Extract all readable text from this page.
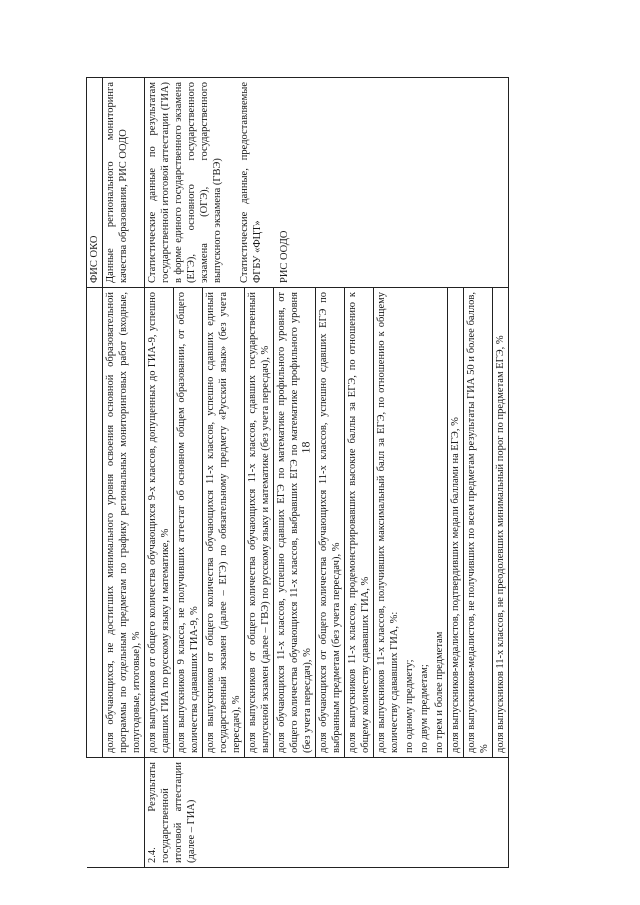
18
		ФИС ОКО
	доля обучающихся, не достигших минимального уровня освоения основной образовательной программы по отдельным предметам по графику региональных мониторинговых работ (входные, полугодовые, итоговые), %	Данные регионального мониторинга качества образования, РИС ООДО
2.4. Результаты государственной итоговой аттестации (далее – ГИА)	доля выпускников от общего количества обучающихся 9-х классов, допущенных до ГИА-9, успешно сдавших ГИА по русскому языку и математике, %	Статистические данные по результатам государственной итоговой аттестации (ГИА) в форме единого государственного экзамена (ЕГЭ), основного государственного экзамена (ОГЭ), государственного выпускного экзамена (ГВЭ) Статистические данные, предоставляемые ФГБУ «ФЦТ» РИС ООДО

	доля выпускников 9 класса, не получивших аттестат об основном общем образовании, от общего количества сдававших ГИА-9, %	
	доля выпускников от общего количества обучающихся 11-х классов, успешно сдавших единый государственный экзамен (далее – ЕГЭ) по обязательному предмету «Русский язык» (без учета пересдач), %	
	доля выпускников от общего количества обучающихся 11-х классов, сдавших государственный выпускной экзамен (далее – ГВЭ) по русскому языку и математике (без учета пересдач), %	
	доля обучающихся 11-х классов, успешно сдавших ЕГЭ по математике профильного уровня, от общего количества обучающихся 11-х классов, выбравших ЕГЭ по математике профильного уровня (без учета пересдач), %	
	доля обучающихся от общего количества обучающихся 11-х классов, успешно сдавших ЕГЭ по выбранным предметам (без учета пересдач), %	
	доля выпускников 11-х классов, продемонстрировавших высокие баллы за ЕГЭ, по отношению к общему количеству сдававших ГИА, %	
	доля выпускников 11-х классов, получивших максимальный балл за ЕГЭ, по отношению к общему количеству сдававших ГИА, %:	
	по одному предмету;	
	по двум предметам;	
	по трем и более предметам	
	доля выпускников-медалистов, подтвердивших медали баллами на ЕГЭ, %	
	доля выпускников-медалистов, не получивших по всем предметам результаты ГИА 50 и более баллов, %	
	доля выпускников 11-х классов, не преодолевших минимальный порог по предметам ЕГЭ, %	
